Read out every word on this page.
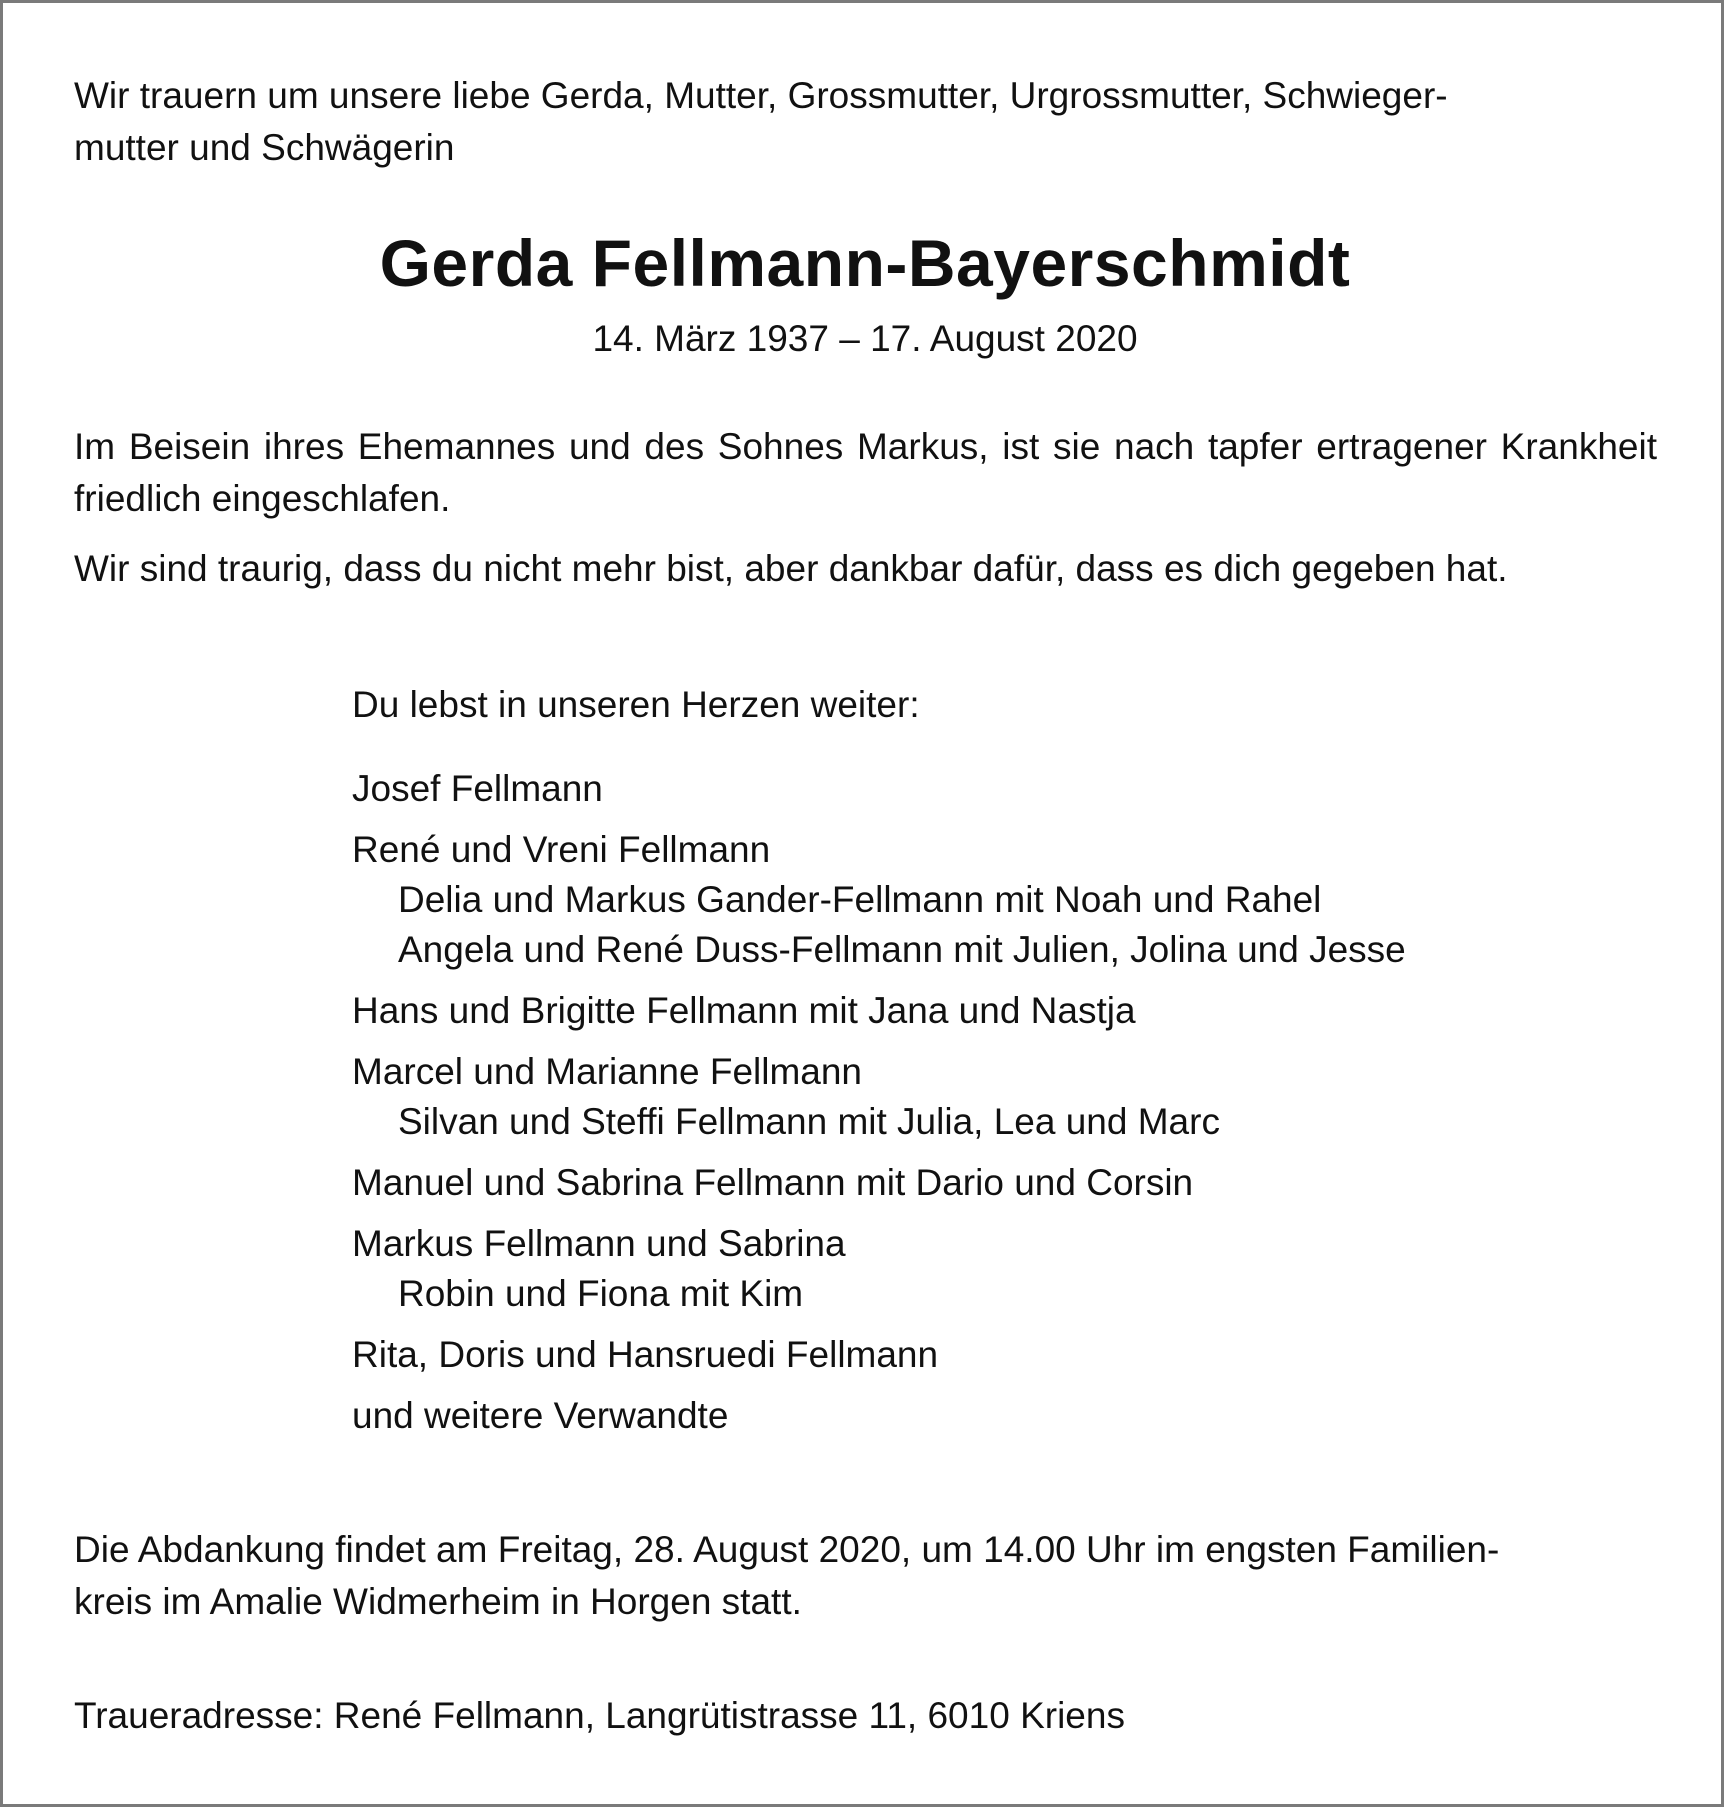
Wir trauern um unsere liebe Gerda, Mutter, Grossmutter, Urgrossmutter, Schwieger-
mutter und Schwägerin

Gerda Fellmann-Bayerschmidt

14. März 1937 – 17. August 2020

Im Beisein ihres Ehemannes und des Sohnes Markus, ist sie nach tapfer ertragener Krankheit friedlich eingeschlafen.

Wir sind traurig, dass du nicht mehr bist, aber dankbar dafür, dass es dich gegeben hat.

Du lebst in unseren Herzen weiter:
Josef Fellmann
René und Vreni Fellmann
Delia und Markus Gander-Fellmann mit Noah und Rahel
Angela und René Duss-Fellmann mit Julien, Jolina und Jesse
Hans und Brigitte Fellmann mit Jana und Nastja
Marcel und Marianne Fellmann
Silvan und Steffi Fellmann mit Julia, Lea und Marc
Manuel und Sabrina Fellmann mit Dario und Corsin
Markus Fellmann und Sabrina
Robin und Fiona mit Kim
Rita, Doris und Hansruedi Fellmann
und weitere Verwandte

Die Abdankung findet am Freitag, 28. August 2020, um 14.00 Uhr im engsten Familien-
kreis im Amalie Widmerheim in Horgen statt.

Traueradresse: René Fellmann, Langrütistrasse 11, 6010 Kriens
